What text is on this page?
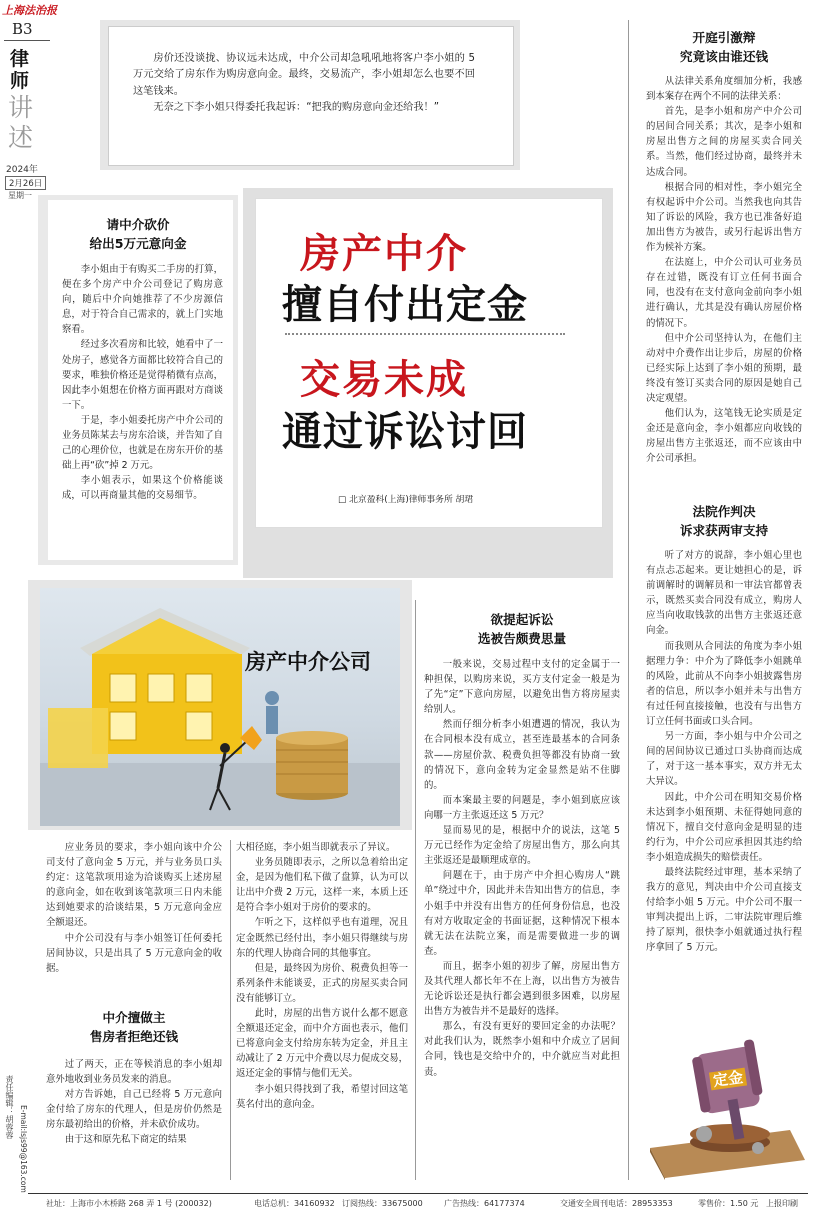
上海法治报
B3
律
师
讲
述
2024年
2月26日
星期一
房价还没谈拢、协议远未达成，中介公司却急吼吼地将客户李小姐的 5 万元交给了房东作为购房意向金。最终，交易流产，李小姐却怎么也要不回这笔钱来。
无奈之下李小姐只得委托我起诉：“把我的购房意向金还给我！”
房产中介
擅自付出定金
交易未成
通过诉讼讨回
□ 北京盈科(上海)律师事务所 胡珺
请中介砍价
给出5万元意向金

李小姐由于有购买二手房的打算，便在多个房产中介公司登记了购房意向，随后中介向她推荐了不少房源信息，对于符合自己需求的，就上门实地察看。

经过多次看房和比较，她看中了一处房子，感觉各方面都比较符合自己的要求，唯独价格还是觉得稍微有点高，因此李小姐想在价格方面再跟对方商谈一下。

于是，李小姐委托房产中介公司的业务员陈某去与房东洽谈，并告知了自己的心理价位，也就是在房东开价的基础上再“砍”掉 2 万元。

李小姐表示，如果这个价格能谈成，可以再商量其他的交易细节。

房产中介公司

应业务员的要求，李小姐向该中介公司支付了意向金 5 万元，并与业务员口头约定：这笔款项用途为洽谈购买上述房屋的意向金，如在收到该笔款项三日内未能达到她要求的洽谈结果，5 万元意向金应全额退还。

中介公司没有与李小姐签订任何委托居间协议，只是出具了 5 万元意向金的收据。

中介擅做主
售房者拒绝还钱

过了两天，正在等候消息的李小姐却意外地收到业务员发来的消息。

对方告诉她，自己已经将 5 万元意向金付给了房东的代理人，但是房价仍然是房东最初给出的价格，并未砍价成功。

由于这和原先私下商定的结果

责任编辑：胡蓉蓉 E-mail:lsjs99@163.com

大相径庭，李小姐当即就表示了异议。

业务员随即表示，之所以急着给出定金，是因为他们私下做了盘算，认为可以让出中介费 2 万元，这样一来，本质上还是符合李小姐对于房价的要求的。

乍听之下，这样似乎也有道理，况且定金既然已经付出，李小姐只得继续与房东的代理人协商合同的其他事宜。

但是，最终因为房价、税费负担等一系列条件未能谈妥，正式的房屋买卖合同没有能够订立。

此时，房屋的出售方说什么都不愿意全额退还定金，而中介方面也表示，他们已将意向金支付给房东转为定金，并且主动减让了 2 万元中介费以尽力促成交易，返还定金的事情与他们无关。

李小姐只得找到了我，希望讨回这笔莫名付出的意向金。

欲提起诉讼
选被告颇费思量

一般来说，交易过程中支付的定金属于一种担保，以购房来说，买方支付定金一般是为了先“定”下意向房屋，以避免出售方将房屋卖给别人。

然而仔细分析李小姐遭遇的情况，我认为在合同根本没有成立，甚至连最基本的合同条款——房屋价款、税费负担等都没有协商一致的情况下，意向金转为定金显然是站不住脚的。

而本案最主要的问题是，李小姐到底应该向哪一方主张返还这 5 万元？

显而易见的是，根据中介的说法，这笔 5 万元已经作为定金给了房屋出售方，那么向其主张返还是最顺理成章的。

问题在于，由于房产中介担心购房人“跳单”绕过中介，因此并未告知出售方的信息，李小姐手中并没有出售方的任何身份信息，也没有对方收取定金的书面证据，这种情况下根本就无法在法院立案，而是需要做进一步的调查。

而且，据李小姐的初步了解，房屋出售方及其代理人都长年不在上海，以出售方为被告无论诉讼还是执行都会遇到很多困难，以房屋出售方为被告并不是最好的选择。

那么，有没有更好的要回定金的办法呢？对此我们认为，既然李小姐和中介成立了居间合同，钱也是交给中介的，中介就应当对此担责。

开庭引激辩
究竟该由谁还钱

从法律关系角度细加分析，我感到本案存在两个不同的法律关系：

首先，是李小姐和房产中介公司的居间合同关系；其次，是李小姐和房屋出售方之间的房屋买卖合同关系。当然，他们经过协商，最终并未达成合同。

根据合同的相对性，李小姐完全有权起诉中介公司。当然我也向其告知了诉讼的风险，我方也已准备好追加出售方为被告，或另行起诉出售方作为候补方案。

在法庭上，中介公司认可业务员存在过错，既没有订立任何书面合同，也没有在支付意向金前向李小姐进行确认，尤其是没有确认房屋价格的情况下。

但中介公司坚持认为，在他们主动对中介费作出让步后，房屋的价格已经实际上达到了李小姐的预期，最终没有签订买卖合同的原因是她自己决定观望。

他们认为，这笔钱无论实质是定金还是意向金，李小姐都应向收钱的房屋出售方主张返还，而不应该由中介公司承担。

法院作判决
诉求获两审支持

听了对方的说辞，李小姐心里也有点忐忑起来。更让她担心的是，诉前调解时的调解员和一审法官都曾表示，既然买卖合同没有成立，购房人应当向收取钱款的出售方主张返还意向金。

而我则从合同法的角度为李小姐据理力争：中介为了降低李小姐跳单的风险，此前从不向李小姐披露售房者的信息，所以李小姐并未与出售方有过任何直接接触，也没有与出售方订立任何书面或口头合同。

另一方面，李小姐与中介公司之间的居间协议已通过口头协商而达成了，对于这一基本事实，双方并无太大异议。

因此，中介公司在明知交易价格未达到李小姐预期、未征得她同意的情况下，擅自交付意向金是明显的违约行为，中介公司应承担因其违约给李小姐造成损失的赔偿责任。

最终法院经过审理，基本采纳了我方的意见，判决由中介公司直接支付给李小姐 5 万元。中介公司不服一审判决提出上诉，二审法院审理后维持了原判，很快李小姐就通过执行程序拿回了 5 万元。

定金
社址：上海市小木桥路 268 弄 1 号 (200032)	电话总机：34160932 订阅热线：33675000	广告热线：64177374	交通安全周刊电话：28953353	零售价：1.50 元 上报印刷
